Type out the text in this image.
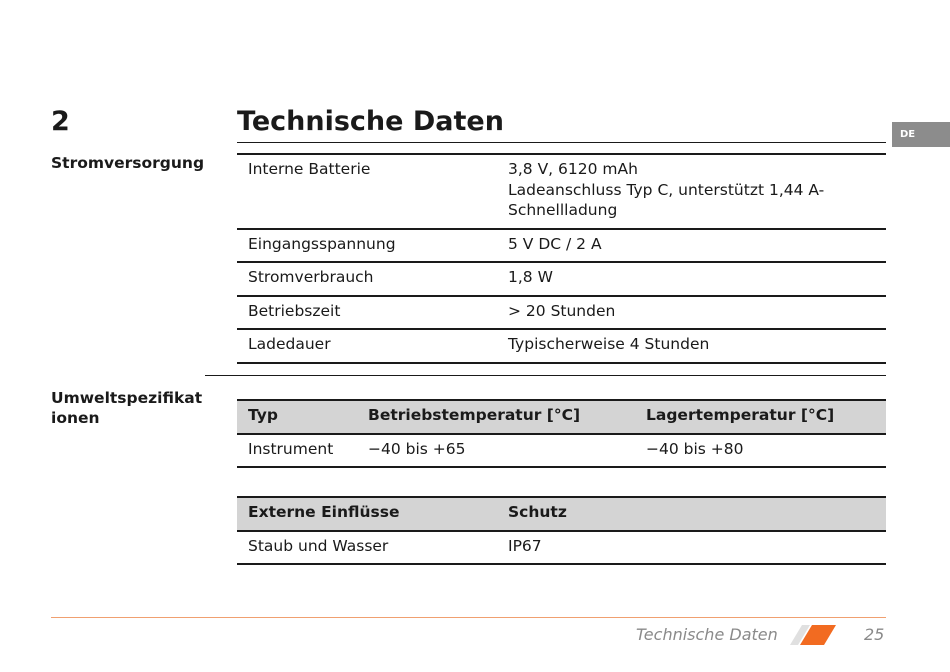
2	Technische Daten	DE
Stromversorgung	Interne Batterie	3,8 V, 6120 mAh
Ladeanschluss Typ C, unterstützt 1,44 A-
Schnellladung

Eingangsspannung	5 V DC / 2 A
Stromverbrauch	1,8 W
Betriebszeit	> 20 Stunden
Ladedauer	Typischerweise 4 Stunden
Umweltspezifikat
ionen	Typ	Betriebstemperatur [°C]	Lagertemperatur [°C]
Instrument	−40 bis +65	−40 bis +80
Externe Einflüsse	Schutz
Staub und Wasser	IP67
Technische Daten	25
